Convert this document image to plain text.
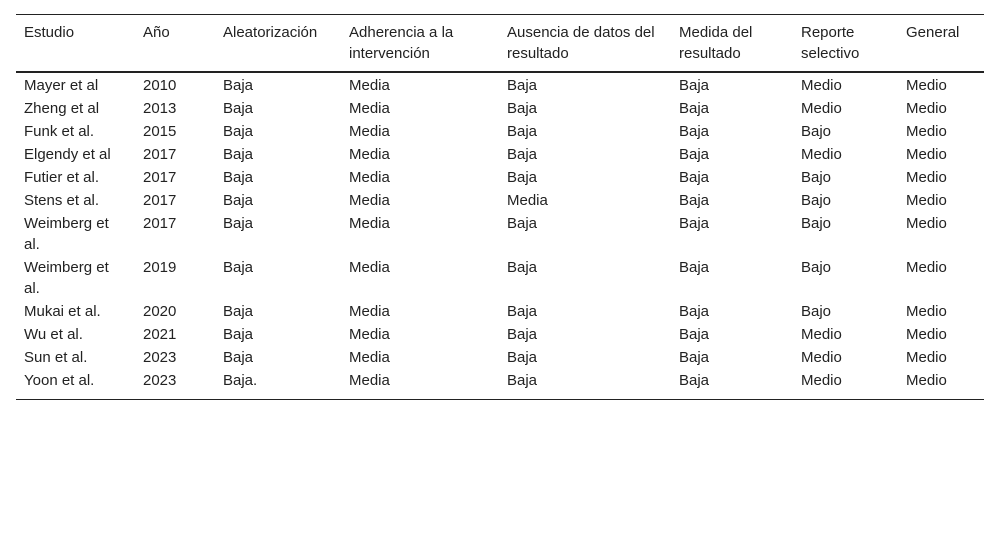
Estudio	Año	Aleatorización	Adherencia a la intervención	Ausencia de datos del resultado	Medida del resultado	Reporte selectivo	General
Mayer et al	2010	Baja	Media	Baja	Baja	Medio	Medio
Zheng et al	2013	Baja	Media	Baja	Baja	Medio	Medio
Funk et al.	2015	Baja	Media	Baja	Baja	Bajo	Medio
Elgendy et al	2017	Baja	Media	Baja	Baja	Medio	Medio
Futier et al.	2017	Baja	Media	Baja	Baja	Bajo	Medio
Stens et al.	2017	Baja	Media	Media	Baja	Bajo	Medio
Weimberg et al.	2017	Baja	Media	Baja	Baja	Bajo	Medio
Weimberg et al.	2019	Baja	Media	Baja	Baja	Bajo	Medio
Mukai et al.	2020	Baja	Media	Baja	Baja	Bajo	Medio
Wu et al.	2021	Baja	Media	Baja	Baja	Medio	Medio
Sun et al.	2023	Baja	Media	Baja	Baja	Medio	Medio
Yoon et al.	2023	Baja.	Media	Baja	Baja	Medio	Medio
